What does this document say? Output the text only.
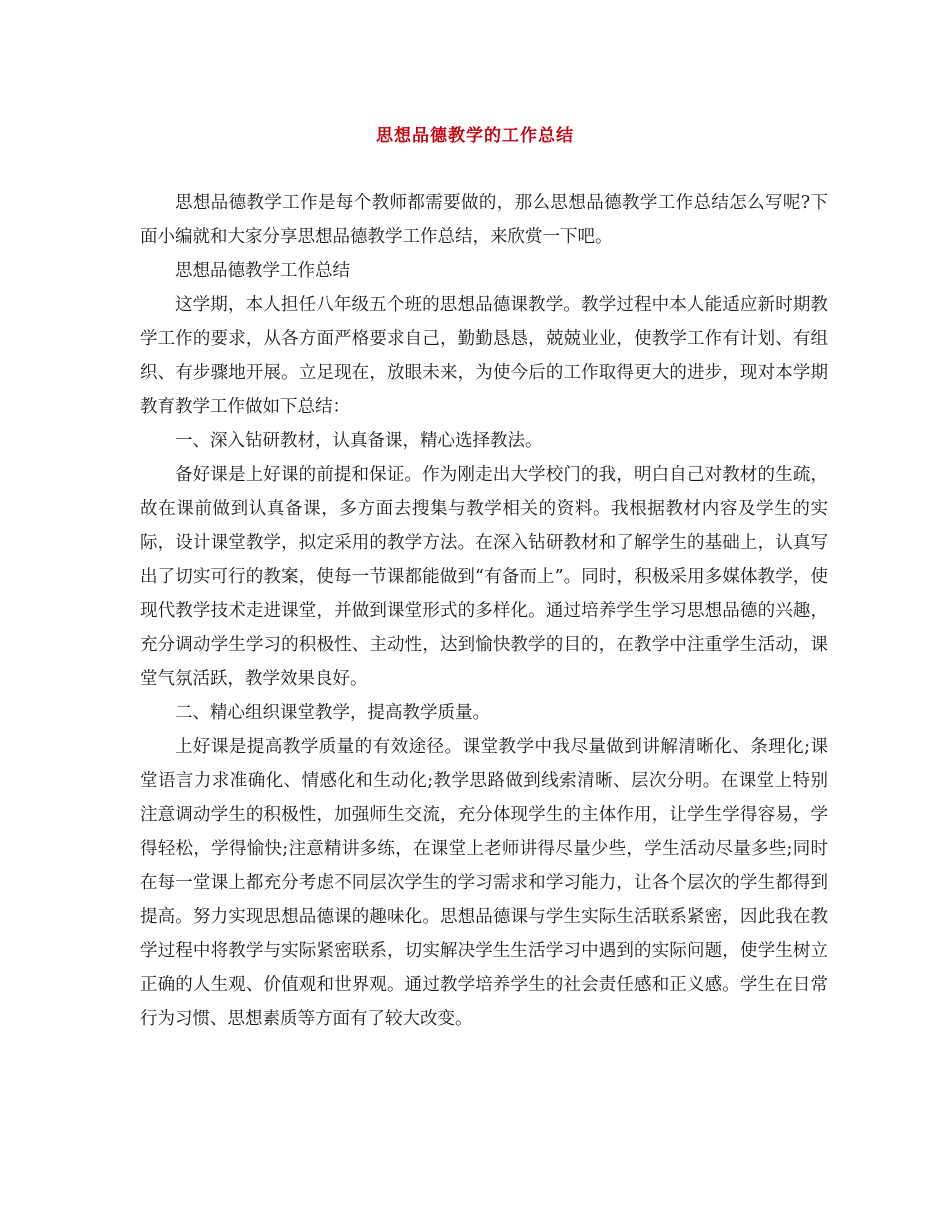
思想品德教学的工作总结

思想品德教学工作是每个教师都需要做的，那么思想品德教学工作总结怎么写呢?下面小编就和大家分享思想品德教学工作总结，来欣赏一下吧。

思想品德教学工作总结

这学期，本人担任八年级五个班的思想品德课教学。教学过程中本人能适应新时期教学工作的要求，从各方面严格要求自己，勤勤恳恳，兢兢业业，使教学工作有计划、有组织、有步骤地开展。立足现在，放眼未来，为使今后的工作取得更大的进步，现对本学期教育教学工作做如下总结：

一、深入钻研教材，认真备课，精心选择教法。

备好课是上好课的前提和保证。作为刚走出大学校门的我，明白自己对教材的生疏，故在课前做到认真备课，多方面去搜集与教学相关的资料。我根据教材内容及学生的实际，设计课堂教学，拟定采用的教学方法。在深入钻研教材和了解学生的基础上，认真写出了切实可行的教案，使每一节课都能做到“有备而上”。同时，积极采用多媒体教学，使现代教学技术走进课堂，并做到课堂形式的多样化。通过培养学生学习思想品德的兴趣，充分调动学生学习的积极性、主动性，达到愉快教学的目的，在教学中注重学生活动，课堂气氛活跃，教学效果良好。

二、精心组织课堂教学，提高教学质量。

上好课是提高教学质量的有效途径。课堂教学中我尽量做到讲解清晰化、条理化;课堂语言力求准确化、情感化和生动化;教学思路做到线索清晰、层次分明。在课堂上特别注意调动学生的积极性，加强师生交流，充分体现学生的主体作用，让学生学得容易，学得轻松，学得愉快;注意精讲多练，在课堂上老师讲得尽量少些，学生活动尽量多些;同时在每一堂课上都充分考虑不同层次学生的学习需求和学习能力，让各个层次的学生都得到提高。努力实现思想品德课的趣味化。思想品德课与学生实际生活联系紧密，因此我在教学过程中将教学与实际紧密联系，切实解决学生生活学习中遇到的实际问题，使学生树立正确的人生观、价值观和世界观。通过教学培养学生的社会责任感和正义感。学生在日常行为习惯、思想素质等方面有了较大改变。
